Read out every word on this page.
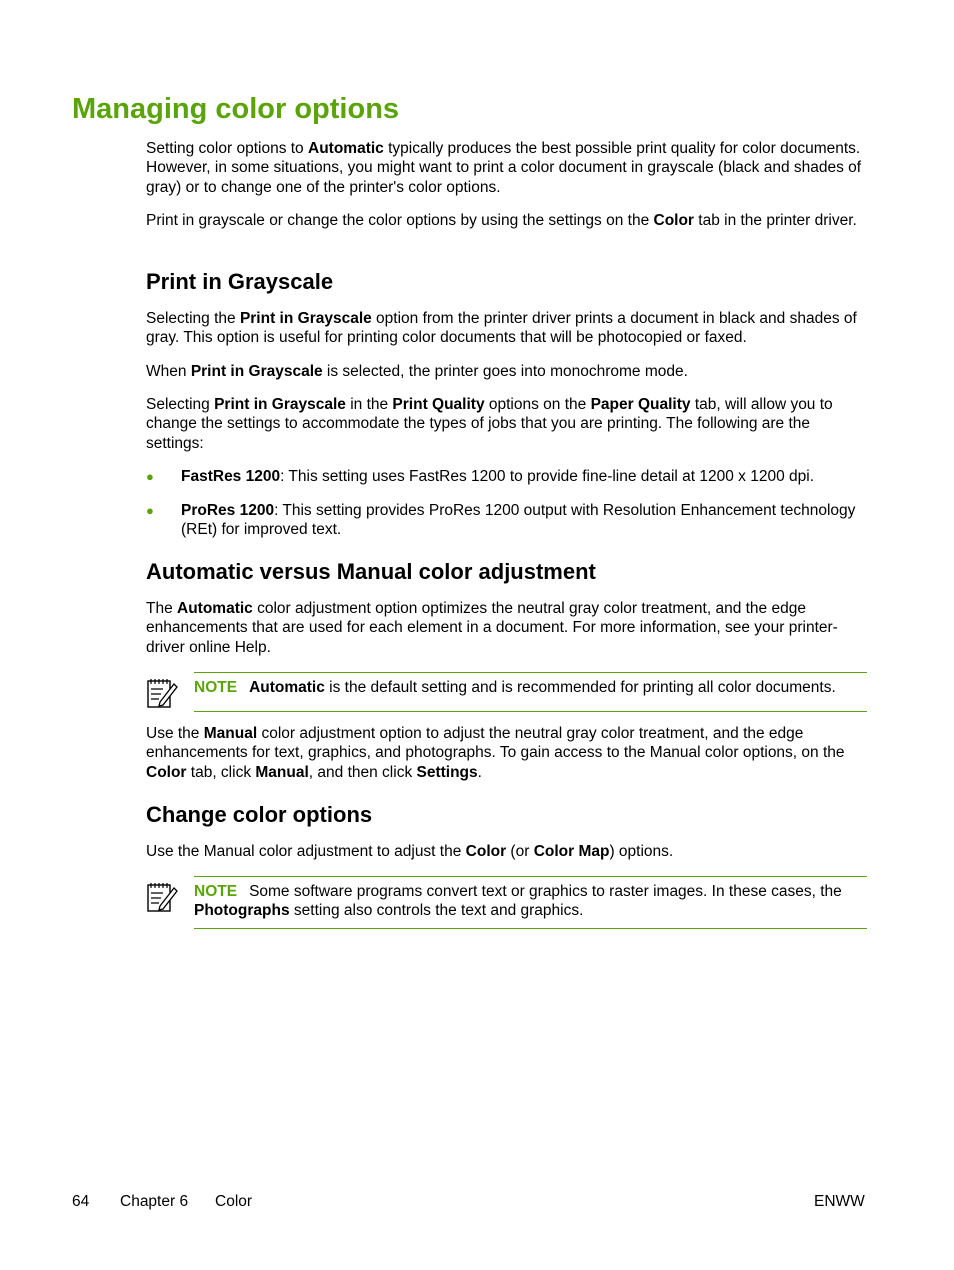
Managing color options

Setting color options to Automatic typically produces the best possible print quality for color documents. However, in some situations, you might want to print a color document in grayscale (black and shades of gray) or to change one of the printer's color options.

Print in grayscale or change the color options by using the settings on the Color tab in the printer driver.

Print in Grayscale

Selecting the Print in Grayscale option from the printer driver prints a document in black and shades of gray. This option is useful for printing color documents that will be photocopied or faxed.

When Print in Grayscale is selected, the printer goes into monochrome mode.

Selecting Print in Grayscale in the Print Quality options on the Paper Quality tab, will allow you to change the settings to accommodate the types of jobs that you are printing. The following are the settings:

● FastRes 1200: This setting uses FastRes 1200 to provide fine-line detail at 1200 x 1200 dpi.
● ProRes 1200: This setting provides ProRes 1200 output with Resolution Enhancement technology (REt) for improved text.
Automatic versus Manual color adjustment

The Automatic color adjustment option optimizes the neutral gray color treatment, and the edge enhancements that are used for each element in a document. For more information, see your printer-driver online Help.

NOTE Automatic is the default setting and is recommended for printing all color documents.

Use the Manual color adjustment option to adjust the neutral gray color treatment, and the edge enhancements for text, graphics, and photographs. To gain access to the Manual color options, on the Color tab, click Manual, and then click Settings.

Change color options

Use the Manual color adjustment to adjust the Color (or Color Map) options.

NOTE Some software programs convert text or graphics to raster images. In these cases, the Photographs setting also controls the text and graphics.
64 Chapter 6 Color	ENWW
